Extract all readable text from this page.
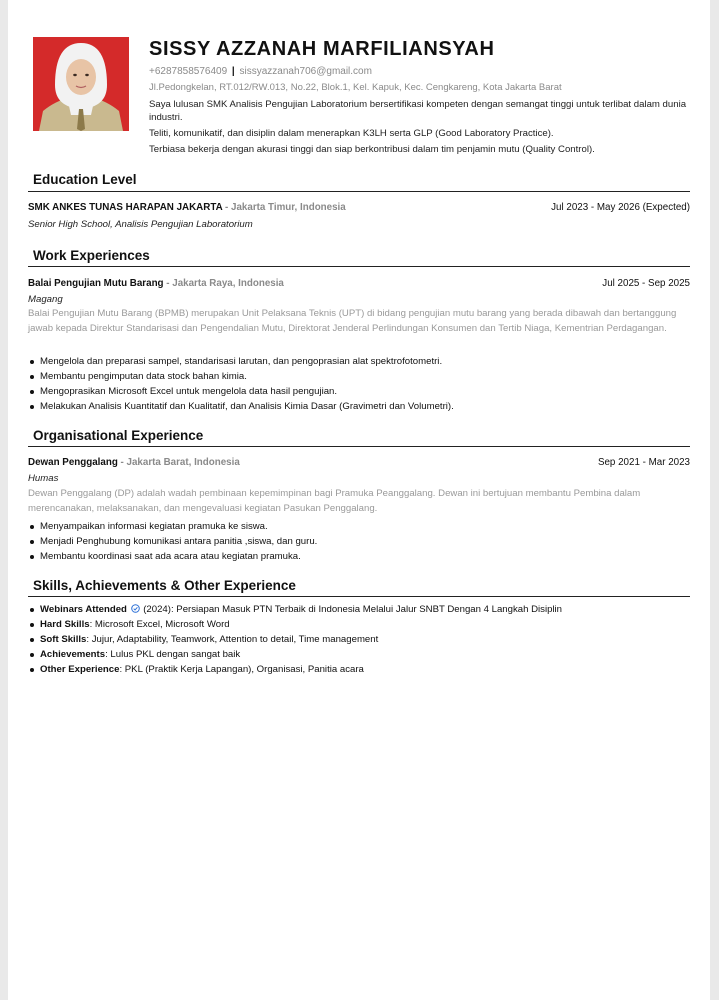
SISSY AZZANAH MARFILIANSYAH
+6287858576409 | sissyazzanah706@gmail.com
Jl.Pedongkelan, RT.012/RW.013, No.22, Blok.1, Kel. Kapuk, Kec. Cengkareng, Kota Jakarta Barat

Saya lulusan SMK Analisis Pengujian Laboratorium bersertifikasi kompeten dengan semangat tinggi untuk terlibat dalam dunia industri.

Teliti, komunikatif, dan disiplin dalam menerapkan K3LH serta GLP (Good Laboratory Practice).

Terbiasa bekerja dengan akurasi tinggi dan siap berkontribusi dalam tim penjamin mutu (Quality Control).

Education Level
SMK ANKES TUNAS HARAPAN JAKARTA - Jakarta Timur, Indonesia	Jul 2023 - May 2026 (Expected)
Senior High School, Analisis Pengujian Laboratorium
Work Experiences
Balai Pengujian Mutu Barang - Jakarta Raya, Indonesia	Jul 2025 - Sep 2025
Magang
Balai Pengujian Mutu Barang (BPMB) merupakan Unit Pelaksana Teknis (UPT) di bidang pengujian mutu barang yang berada dibawah dan bertanggung jawab kepada Direktur Standarisasi dan Pengendalian Mutu, Direktorat Jenderal Perlindungan Konsumen dan Tertib Niaga, Kementrian Perdagangan.
Mengelola dan preparasi sampel, standarisasi larutan, dan pengoprasian alat spektrofotometri.
Membantu pengimputan data stock bahan kimia.
Mengoprasikan Microsoft Excel untuk mengelola data hasil pengujian.
Melakukan Analisis Kuantitatif dan Kualitatif, dan Analisis Kimia Dasar (Gravimetri dan Volumetri).
Organisational Experience
Dewan Penggalang - Jakarta Barat, Indonesia	Sep 2021 - Mar 2023
Humas
Dewan Penggalang (DP) adalah wadah pembinaan kepemimpinan bagi Pramuka Peanggalang. Dewan ini bertujuan membantu Pembina dalam merencanakan, melaksanakan, dan mengevaluasi kegiatan Pasukan Penggalang.
Menyampaikan informasi kegiatan pramuka ke siswa.
Menjadi Penghubung komunikasi antara panitia ,siswa, dan guru.
Membantu koordinasi saat ada acara atau kegiatan pramuka.
Skills, Achievements & Other Experience
Webinars Attended  (2024): Persiapan Masuk PTN Terbaik di Indonesia Melalui Jalur SNBT Dengan 4 Langkah Disiplin
Hard Skills: Microsoft Excel, Microsoft Word
Soft Skills: Jujur, Adaptability, Teamwork, Attention to detail, Time management
Achievements: Lulus PKL dengan sangat baik
Other Experience: PKL (Praktik Kerja Lapangan), Organisasi, Panitia acara
